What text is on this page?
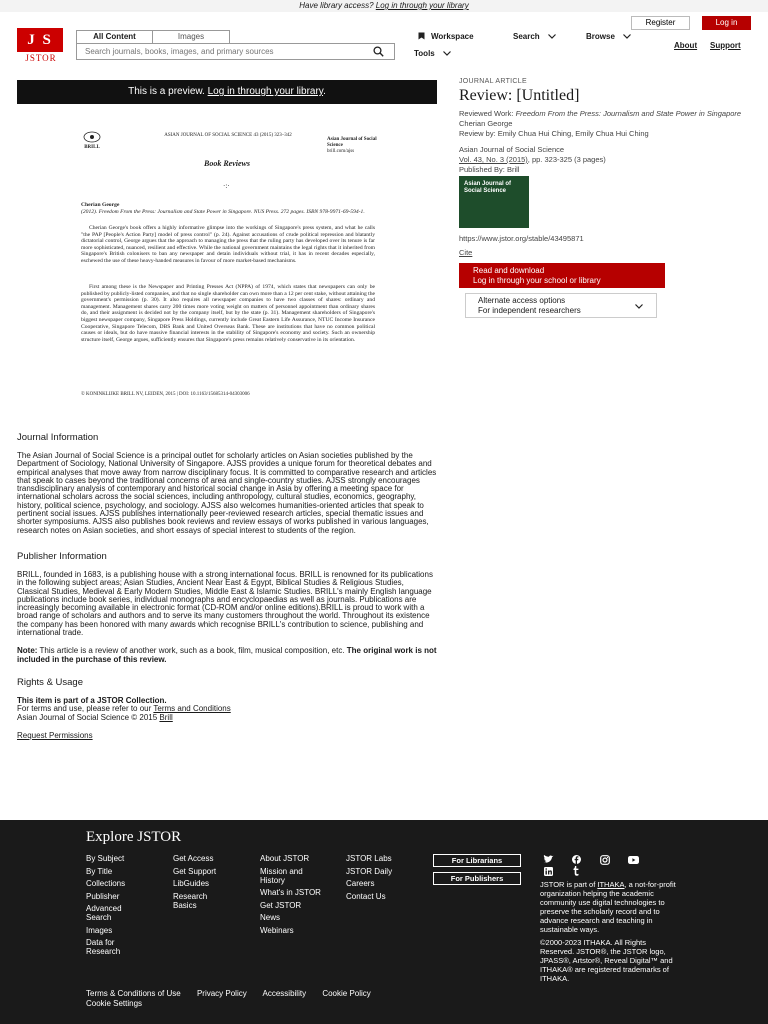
Have library access? Log in through your library
J S
JSTOR
All Content	Images
Search journals, books, images, and primary sources	Workspace	Search	Browse
Tools
About Support
Register	Log in
This is a preview. Log in through your library.
BRILL
ASIAN JOURNAL OF SOCIAL SCIENCE 43 (2015) 323–342
Asian Journal of Social Science
brill.com/ajss
Book Reviews
·:·
Cherian George
(2012). Freedom From the Press: Journalism and State Power in Singapore. NUS Press. 272 pages. ISBN 978-9971-69-594-1.
Cherian George's book offers a highly informative glimpse into the workings of Singapore's press system, and what he calls "the PAP [People's Action Party] model of press control" (p. 24). Against accusations of crude political repression and blatantly dictatorial control, George argues that the approach to managing the press that the ruling party has developed over its tenure is far more sophisticated, nuanced, resilient and effective. While the national government maintains the legal rights that it inherited from Singapore's British colonisers to ban any newspaper and detain individuals without trial, it has in recent decades especially, eschewed the use of these heavy-handed measures in favour of more market-based mechanisms.
First among these is the Newspaper and Printing Presses Act (NPPA) of 1974, which states that newspapers can only be published by publicly-listed companies, and that no single shareholder can own more than a 12 per cent stake, without attaining the government's permission (p. 30). It also requires all newspaper companies to have two classes of shares: ordinary and management. Management shares carry 200 times more voting weight on matters of personnel appointment than ordinary shares do, and their assignment is decided not by the company itself, but by the state (p. 31). Management shareholders of Singapore's biggest newspaper company, Singapore Press Holdings, currently include Great Eastern Life Assurance, NTUC Income Insurance Cooperative, Singapore Telecom, DBS Bank and United Overseas Bank. These are institutions that have no common political causes or ideals, but do have massive financial interests in the stability of Singapore's economy and society. Such an ownership structure itself, George argues, sufficiently ensures that Singapore's press remains relatively conservative in its orientation.
© KONINKLIJKE BRILL NV, LEIDEN, 2015 | DOI: 10.1163/15685314-04303006
JOURNAL ARTICLE
Review: [Untitled]
Reviewed Work: Freedom From the Press: Journalism and State Power in Singapore Cherian George
Review by: Emily Chua Hui Ching, Emily Chua Hui Ching
Asian Journal of Social Science
Vol. 43, No. 3 (2015), pp. 323-325 (3 pages)
Published By: Brill
Asian Journal of Social Science
https://www.jstor.org/stable/43495871
Cite
Read and download
Log in through your school or library
Alternate access options
For independent researchers
Journal Information

The Asian Journal of Social Science is a principal outlet for scholarly articles on Asian societies published by the Department of Sociology, National University of Singapore. AJSS provides a unique forum for theoretical debates and empirical analyses that move away from narrow disciplinary focus. It is committed to comparative research and articles that speak to cases beyond the traditional concerns of area and single-country studies. AJSS strongly encourages transdisciplinary analysis of contemporary and historical social change in Asia by offering a meeting space for international scholars across the social sciences, including anthropology, cultural studies, economics, geography, history, political science, psychology, and sociology. AJSS also welcomes humanities-oriented articles that speak to pertinent social issues. AJSS publishes internationally peer-reviewed research articles, special thematic issues and shorter symposiums. AJSS also publishes book reviews and review essays of works published in various languages, research notes on Asian societies, and short essays of special interest to students of the region.

Publisher Information

BRILL, founded in 1683, is a publishing house with a strong international focus. BRILL is renowned for its publications in the following subject areas; Asian Studies, Ancient Near East & Egypt, Biblical Studies & Religious Studies, Classical Studies, Medieval & Early Modern Studies, Middle East & Islamic Studies. BRILL's mainly English language publications include book series, individual monographs and encyclopaedias as well as journals. Publications are increasingly becoming available in electronic format (CD-ROM and/or online editions).BRILL is proud to work with a broad range of scholars and authors and to serve its many customers throughout the world. Throughout its existence the company has been honored with many awards which recognise BRILL's contribution to science, publishing and international trade.

Note: This article is a review of another work, such as a book, film, musical composition, etc. The original work is not included in the purchase of this review.

Rights & Usage

This item is part of a JSTOR Collection.

For terms and use, please refer to our Terms and Conditions

Asian Journal of Social Science © 2015 Brill

Request Permissions

Explore JSTOR
By Subject
By Title
Collections
Publisher
Advanced Search
Images
Data for Research
Get Access
Get Support
LibGuides
Research Basics
About JSTOR
Mission and History
What's in JSTOR
Get JSTOR
News
Webinars
JSTOR Labs
JSTOR Daily
Careers
Contact Us
For Librarians
For Publishers
JSTOR is part of ITHAKA, a not-for-profit organization helping the academic community use digital technologies to preserve the scholarly record and to advance research and teaching in sustainable ways.
©2000-2023 ITHAKA. All Rights Reserved. JSTOR®, the JSTOR logo, JPASS®, Artstor®, Reveal Digital™ and ITHAKA® are registered trademarks of ITHAKA.
Terms & Conditions of Use Privacy Policy Accessibility Cookie Policy
Cookie Settings
